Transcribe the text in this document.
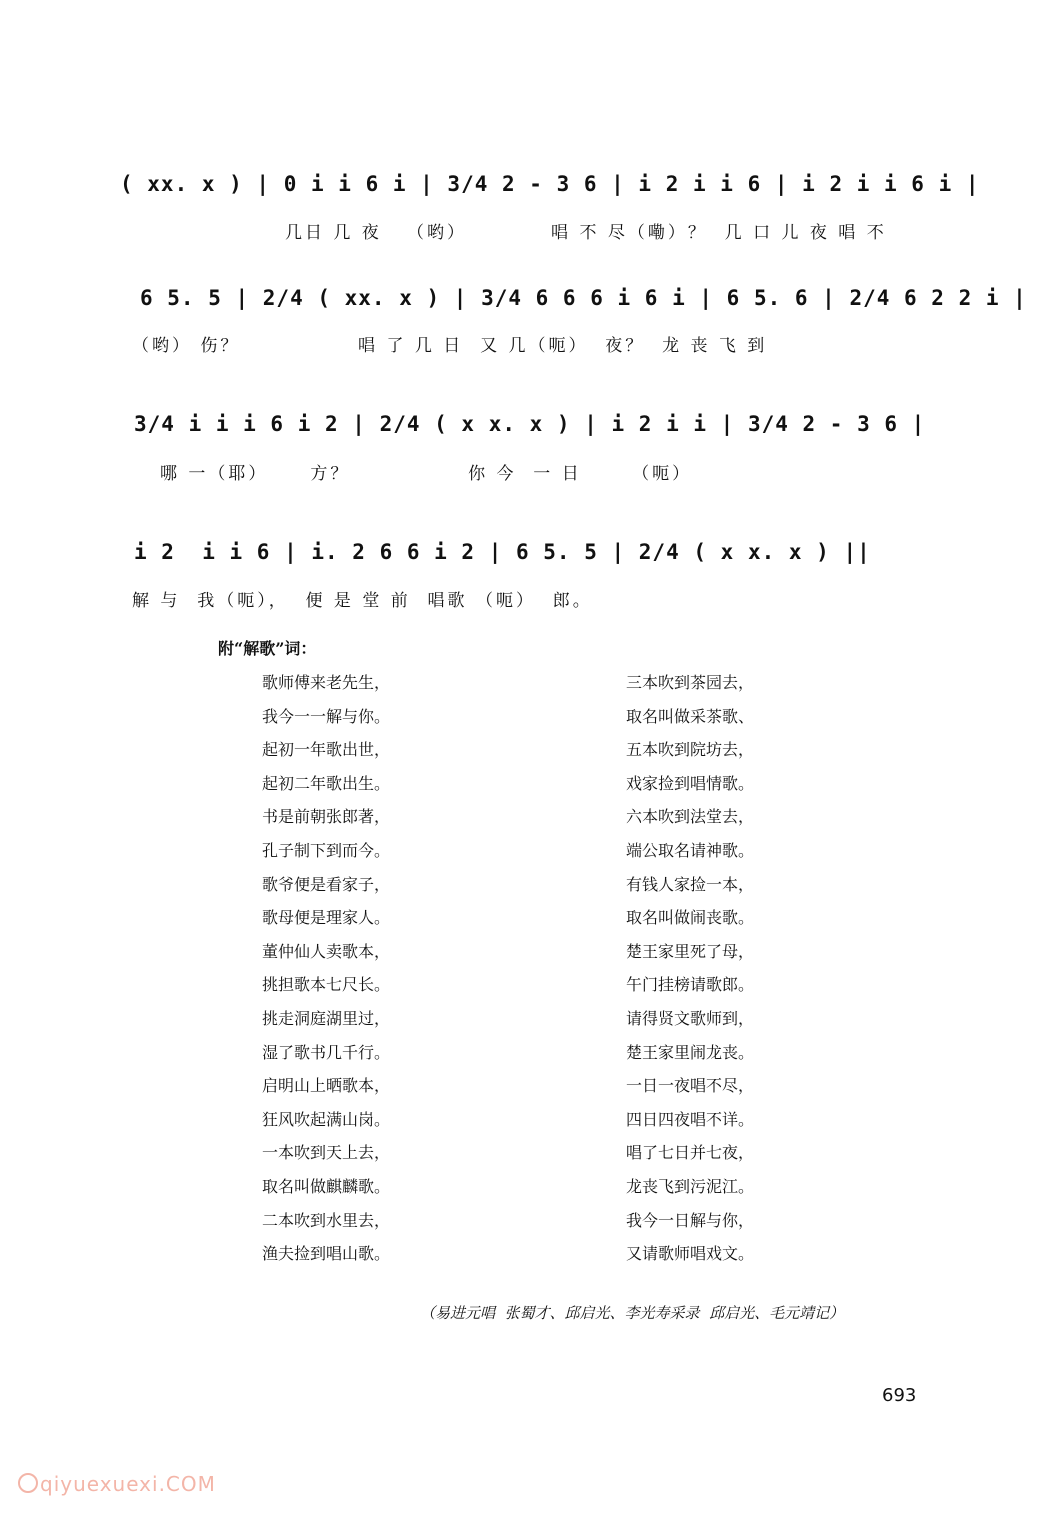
( xx. x ) | 0 i i 6 i | 3/4 2 - 3 6 | i 2 i i 6 | i 2 i i 6 i |
几日 几 夜   （哟）          唱 不 尽（嘞）？  几 口 儿 夜 唱 不
6 5. 5 | 2/4 ( xx. x ) | 3/4 6 6 6 i 6 i | 6 5. 6 | 2/4 6 2 2 i |
（哟） 伤？              唱 了 几 日  又 几（呃）  夜？  龙 丧 飞 到
3/4 i i i 6 i 2 | 2/4 ( x x. x ) | i 2 i i | 3/4 2 - 3 6 |
哪 一（耶）     方？              你 今  一 日      （呃）
i 2  i i 6 | i. 2 6 6 i 2 | 6 5. 5 | 2/4 ( x x. x ) ||
解 与  我（呃），  便 是 堂 前  唱歌 （呃）  郎。
附“解歌”词：
歌师傅来老先生，
我今一一解与你。
起初一年歌出世，
起初二年歌出生。
书是前朝张郎著，
孔子制下到而今。
歌爷便是看家子，
歌母便是理家人。
董仲仙人卖歌本，
挑担歌本七尺长。
挑走洞庭湖里过，
湿了歌书几千行。
启明山上晒歌本，
狂风吹起满山岗。
一本吹到天上去，
取名叫做麒麟歌。
二本吹到水里去，
渔夫捡到唱山歌。
三本吹到茶园去，
取名叫做采茶歌、
五本吹到院坊去，
戏家捡到唱情歌。
六本吹到法堂去，
端公取名请神歌。
有钱人家捡一本，
取名叫做闹丧歌。
楚王家里死了母，
午门挂榜请歌郎。
请得贤文歌师到，
楚王家里闹龙丧。
一日一夜唱不尽，
四日四夜唱不详。
唱了七日并七夜，
龙丧飞到污泥江。
我今一日解与你，
又请歌师唱戏文。
（易进元唱  张蜀才、邱启光、李光寿采录  邱启光、毛元靖记）
693
qiyuexuexi.COM
